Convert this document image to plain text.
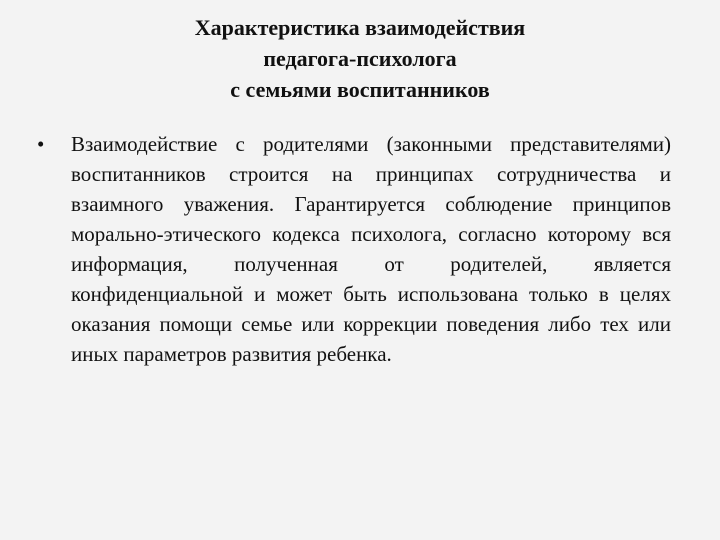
Характеристика взаимодействия
педагога-психолога
с семьями воспитанников
•	Взаимодействие с родителями (законными представителями) воспитанников строится на принципах сотрудничества и взаимного уважения. Гарантируется соблюдение принципов морально-этического кодекса психолога, согласно которому вся информация, полученная от родителей, является конфиденциальной и может быть использована только в целях оказания помощи семье или коррекции поведения либо тех или иных параметров развития ребенка.
